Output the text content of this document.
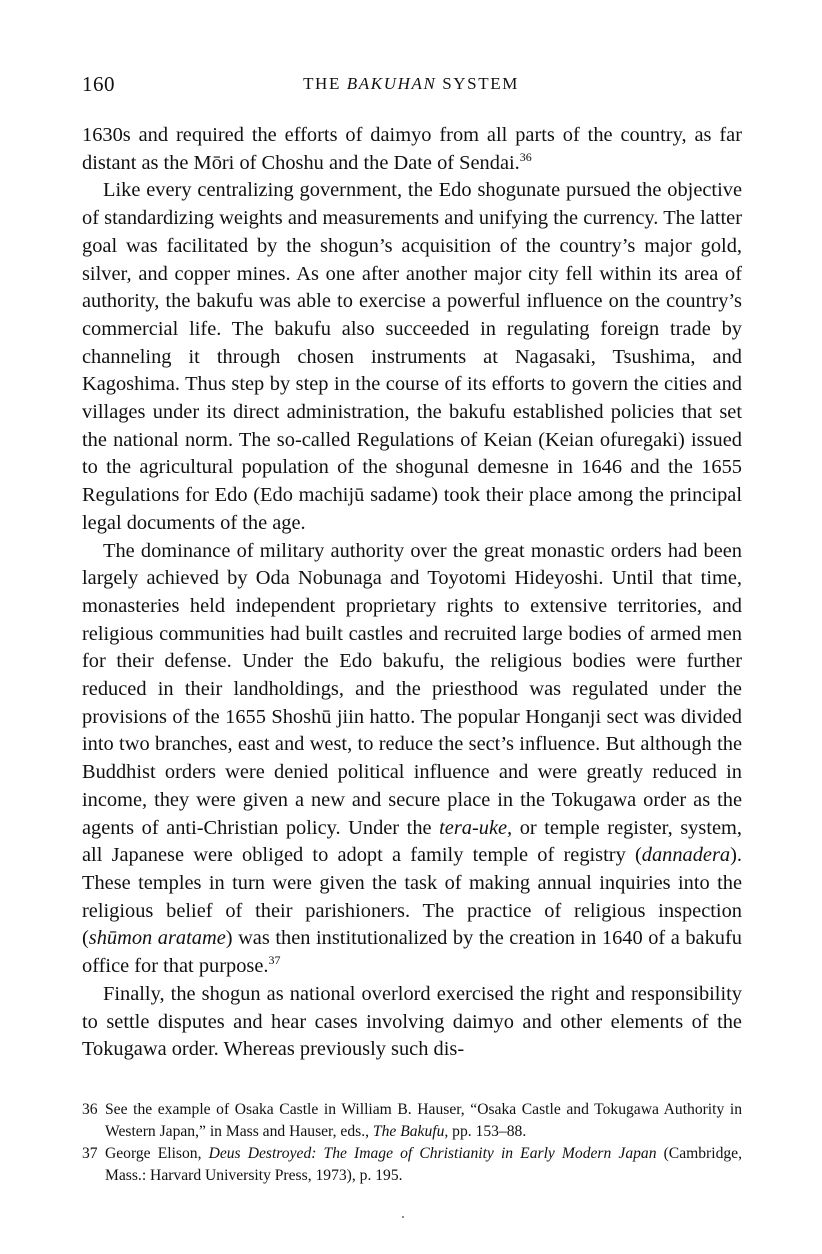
160	THE BAKUHAN SYSTEM

1630s and required the efforts of daimyo from all parts of the country, as far distant as the Mōri of Choshu and the Date of Sendai.$^{36}$

Like every centralizing government, the Edo shogunate pursued the objective of standardizing weights and measurements and unifying the currency. The latter goal was facilitated by the shogun’s acquisition of the country’s major gold, silver, and copper mines. As one after another major city fell within its area of authority, the bakufu was able to exercise a powerful influence on the country’s commercial life. The bakufu also succeeded in regulating foreign trade by channeling it through chosen instruments at Nagasaki, Tsushima, and Kagoshima. Thus step by step in the course of its efforts to govern the cities and villages under its direct administration, the bakufu established policies that set the national norm. The so-called Regulations of Keian (Keian ofuregaki) issued to the agricultural population of the shogunal demesne in 1646 and the 1655 Regulations for Edo (Edo machijū sadame) took their place among the principal legal documents of the age.

The dominance of military authority over the great monastic orders had been largely achieved by Oda Nobunaga and Toyotomi Hideyoshi. Until that time, monasteries held independent proprietary rights to extensive territories, and religious communities had built castles and recruited large bodies of armed men for their defense. Under the Edo bakufu, the religious bodies were further reduced in their landholdings, and the priesthood was regulated under the provisions of the 1655 Shoshū jiin hatto. The popular Honganji sect was divided into two branches, east and west, to reduce the sect’s influence. But although the Buddhist orders were denied political influence and were greatly reduced in income, they were given a new and secure place in the Tokugawa order as the agents of anti-Christian policy. Under the tera-uke, or temple register, system, all Japanese were obliged to adopt a family temple of registry (dannadera). These temples in turn were given the task of making annual inquiries into the religious belief of their parishioners. The practice of religious inspection (shūmon aratame) was then institutionalized by the creation in 1640 of a bakufu office for that purpose.$^{37}$

Finally, the shogun as national overlord exercised the right and responsibility to settle disputes and hear cases involving daimyo and other elements of the Tokugawa order. Whereas previously such dis-

36 See the example of Osaka Castle in William B. Hauser, “Osaka Castle and Tokugawa Authority in Western Japan,” in Mass and Hauser, eds., The Bakufu, pp. 153–88.
37 George Elison, Deus Destroyed: The Image of Christianity in Early Modern Japan (Cambridge, Mass.: Harvard University Press, 1973), p. 195.
